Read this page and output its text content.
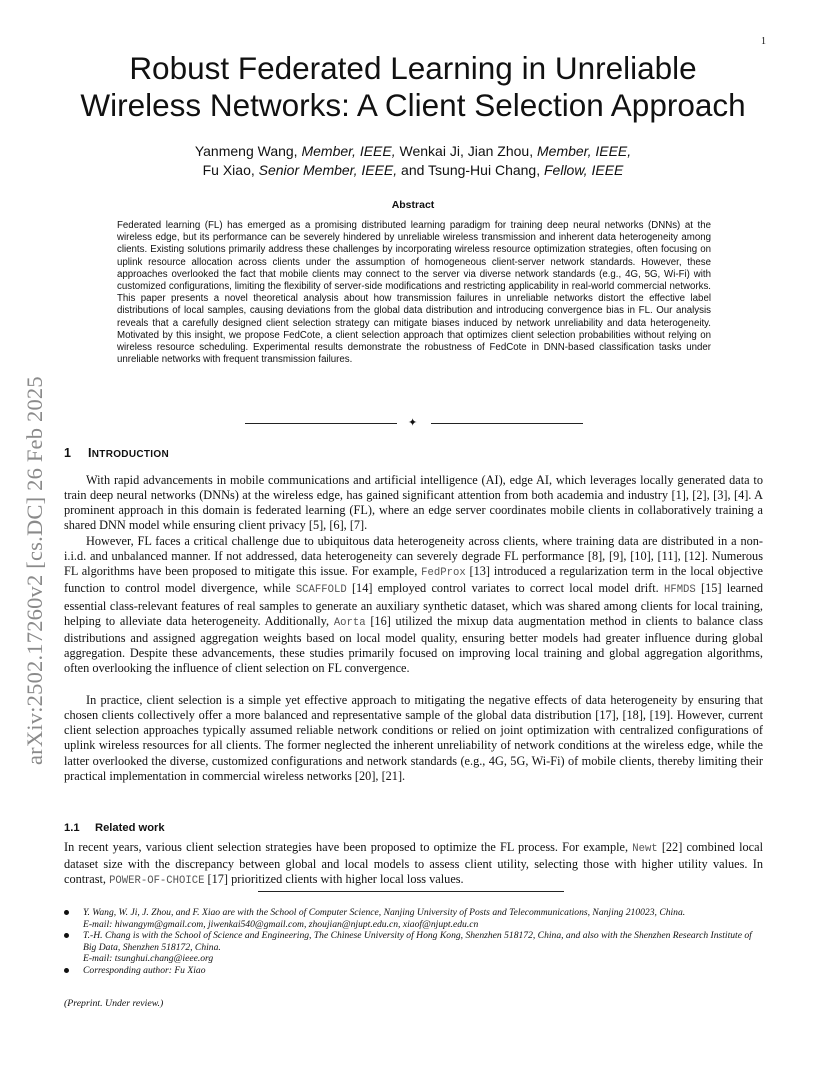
1
arXiv:2502.17260v2 [cs.DC] 26 Feb 2025
Robust Federated Learning in Unreliable
Wireless Networks: A Client Selection Approach
Yanmeng Wang, Member, IEEE, Wenkai Ji, Jian Zhou, Member, IEEE,
Fu Xiao, Senior Member, IEEE, and Tsung-Hui Chang, Fellow, IEEE
Abstract

Federated learning (FL) has emerged as a promising distributed learning paradigm for training deep neural networks (DNNs) at the wireless edge, but its performance can be severely hindered by unreliable wireless transmission and inherent data heterogeneity among clients. Existing solutions primarily address these challenges by incorporating wireless resource optimization strategies, often focusing on uplink resource allocation across clients under the assumption of homogeneous client-server network standards. However, these approaches overlooked the fact that mobile clients may connect to the server via diverse network standards (e.g., 4G, 5G, Wi-Fi) with customized configurations, limiting the flexibility of server-side modifications and restricting applicability in real-world commercial networks. This paper presents a novel theoretical analysis about how transmission failures in unreliable networks distort the effective label distributions of local samples, causing deviations from the global data distribution and introducing convergence bias in FL. Our analysis reveals that a carefully designed client selection strategy can mitigate biases induced by network unreliability and data heterogeneity. Motivated by this insight, we propose FedCote, a client selection approach that optimizes client selection probabilities without relying on wireless resource scheduling. Experimental results demonstrate the robustness of FedCote in DNN-based classification tasks under unreliable networks with frequent transmission failures.

✦
1 INTRODUCTION

With rapid advancements in mobile communications and artificial intelligence (AI), edge AI, which leverages locally generated data to train deep neural networks (DNNs) at the wireless edge, has gained significant attention from both academia and industry [1], [2], [3], [4]. A prominent approach in this domain is federated learning (FL), where an edge server coordinates mobile clients in collaboratively training a shared DNN model while ensuring client privacy [5], [6], [7].

However, FL faces a critical challenge due to ubiquitous data heterogeneity across clients, where training data are distributed in a non-i.i.d. and unbalanced manner. If not addressed, data heterogeneity can severely degrade FL performance [8], [9], [10], [11], [12]. Numerous FL algorithms have been proposed to mitigate this issue. For example, FedProx [13] introduced a regularization term in the local objective function to control model divergence, while SCAFFOLD [14] employed control variates to correct local model drift. HFMDS [15] learned essential class-relevant features of real samples to generate an auxiliary synthetic dataset, which was shared among clients for local training, helping to alleviate data heterogeneity. Additionally, Aorta [16] utilized the mixup data augmentation method in clients to balance class distributions and assigned aggregation weights based on local model quality, ensuring better models had greater influence during global aggregation. Despite these advancements, these studies primarily focused on improving local training and global aggregation algorithms, often overlooking the influence of client selection on FL convergence.

In practice, client selection is a simple yet effective approach to mitigating the negative effects of data heterogeneity by ensuring that chosen clients collectively offer a more balanced and representative sample of the global data distribution [17], [18], [19]. However, current client selection approaches typically assumed reliable network conditions or relied on joint optimization with centralized configurations of uplink wireless resources for all clients. The former neglected the inherent unreliability of network conditions at the wireless edge, while the latter overlooked the diverse, customized configurations and network standards (e.g., 4G, 5G, Wi-Fi) of mobile clients, thereby limiting their practical implementation in commercial wireless networks [20], [21].

1.1 Related work

In recent years, various client selection strategies have been proposed to optimize the FL process. For example, Newt [22] combined local dataset size with the discrepancy between global and local models to assess client utility, selecting those with higher utility values. In contrast, POWER-OF-CHOICE [17] prioritized clients with higher local loss values.

Y. Wang, W. Ji, J. Zhou, and F. Xiao are with the School of Computer Science, Nanjing University of Posts and Telecommunications, Nanjing 210023, China.
E-mail: hiwangym@gmail.com, jiwenkai540@gmail.com, zhoujian@njupt.edu.cn, xiaof@njupt.edu.cn
T.-H. Chang is with the School of Science and Engineering, The Chinese University of Hong Kong, Shenzhen 518172, China, and also with the Shenzhen Research Institute of Big Data, Shenzhen 518172, China.
E-mail: tsunghui.chang@ieee.org
Corresponding author: Fu Xiao
(Preprint. Under review.)
